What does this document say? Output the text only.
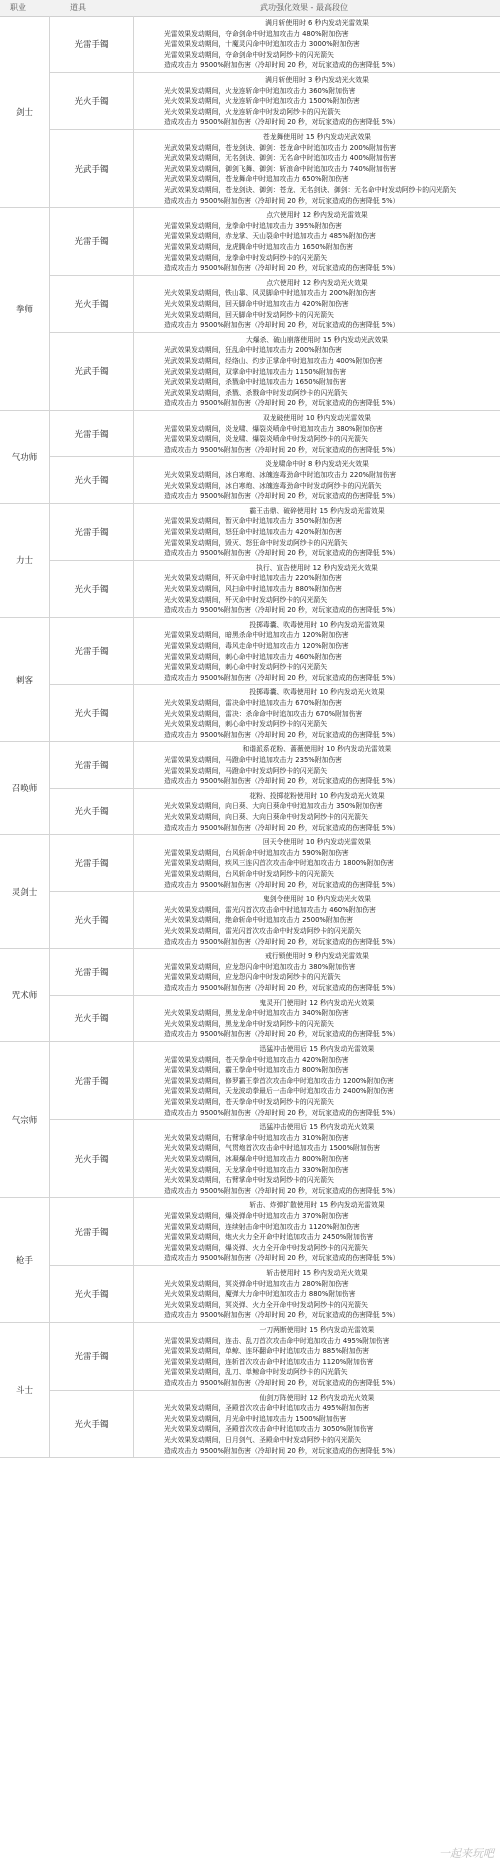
职业	道具	武功强化效果 - 最高段位
光雷手镯
满月斩使用时 6 秒内发动光雷效果
光雷效果发动期间，夺命剑命中时追加攻击力 480%附加伤害
光雷效果发动期间，十魔灵闪命中时追加攻击力 3000%附加伤害
光雷效果发动期间，夺命剑命中时发动阿纱卡的闪光箭矢
造成攻击力 9500%附加伤害（冷却时间 20 秒，对玩家造成的伤害降低 5%）
光火手镯
满月斩使用时 3 秒内发动光火效果
光火效果发动期间，火龙连斩命中时追加攻击力 360%附加伤害
光火效果发动期间，火龙连斩命中时追加攻击力 1500%附加伤害
光火效果发动期间，火龙连斩命中时发动阿纱卡的闪光箭矢
造成攻击力 9500%附加伤害（冷却时间 20 秒，对玩家造成的伤害降低 5%）
光武手镯
苍龙舞使用时 15 秒内发动光武效果
光武效果发动期间，苍龙剑诀、御剑：苍龙命中时追加攻击力 200%附加伤害
光武效果发动期间，无名剑诀、御剑：无名命中时追加攻击力 400%附加伤害
光武效果发动期间，御剑飞舞、御剑：斩浪命中时追加攻击力 740%附加伤害
光武效果发动期间，苍龙舞命中时追加攻击力 650%附加伤害
光武效果发动期间，苍龙剑诀、御剑：苍龙、无名剑诀、御剑：无名命中时发动阿纱卡的闪光箭矢
造成攻击力 9500%附加伤害（冷却时间 20 秒，对玩家造成的伤害降低 5%）
剑士
光雷手镯
点穴使用时 12 秒内发动光雷效果
光雷效果发动期间，龙拳命中时追加攻击力 395%附加伤害
光雷效果发动期间，赤龙掌、天山裂命中时追加攻击力 485%附加伤害
光雷效果发动期间，龙虎腾命中时追加攻击力 1650%附加伤害
光雷效果发动期间，龙拳命中时发动阿纱卡的闪光箭矢
造成攻击力 9500%附加伤害（冷却时间 20 秒，对玩家造成的伤害降低 5%）
光火手镯
点穴使用时 12 秒内发动光火效果
光火效果发动期间，铁山靠、风灵脚命中时追加攻击力 200%附加伤害
光火效果发动期间，回天脚命中时追加攻击力 420%附加伤害
光火效果发动期间，回天脚命中时发动阿纱卡的闪光箭矢
造成攻击力 9500%附加伤害（冷却时间 20 秒，对玩家造成的伤害降低 5%）
光武手镯
大爆杀、破山崩落使用时 15 秒内发动光武效果
光武效果发动期间，狂乱命中时追加攻击力 200%附加伤害
光武效果发动期间，经络山、灼步正掌命中时追加攻击力 400%附加伤害
光武效果发动期间，双掌命中时追加攻击力 1150%附加伤害
光武效果发动期间，杀戮命中时追加攻击力 1650%附加伤害
光武效果发动期间，杀戮、杀戮命中时发动阿纱卡的闪光箭矢
造成攻击力 9500%附加伤害（冷却时间 20 秒，对玩家造成的伤害降低 5%）
拳师
光雷手镯
双龙破使用时 10 秒内发动光雷效果
光雷效果发动期间，炎龙啸、爆裂炎喷命中时追加攻击力 380%附加伤害
光雷效果发动期间，炎龙啸、爆裂炎喷命中时发动阿纱卡的闪光箭矢
造成攻击力 9500%附加伤害（冷却时间 20 秒，对玩家造成的伤害降低 5%）
光火手镯
炎龙啸命中时 8 秒内发动光火效果
光火效果发动期间，冰白寒炮、冰魄连毒劲命中时追加攻击力 220%附加伤害
光火效果发动期间，冰白寒炮、冰魄连毒劲命中时发动阿纱卡的闪光箭矢
造成攻击力 9500%附加伤害（冷却时间 20 秒，对玩家造成的伤害降低 5%）
气功师
光雷手镯
霸王击鼎、破碎使用时 15 秒内发动光雷效果
光雷效果发动期间，暂灭命中时追加攻击力 350%附加伤害
光雷效果发动期间，怒狂命中时追加攻击力 420%附加伤害
光雷效果发动期间，毁灭、怒狂命中时发动阿纱卡的闪光箭矢
造成攻击力 9500%附加伤害（冷却时间 20 秒，对玩家造成的伤害降低 5%）
光火手镯
执行、宣告使用时 12 秒内发动光火效果
光火效果发动期间，歼灭命中时追加攻击力 220%附加伤害
光火效果发动期间，风扫命中时追加攻击力 880%附加伤害
光火效果发动期间，歼灭命中时发动阿纱卡的闪光箭矢
造成攻击力 9500%附加伤害（冷却时间 20 秒，对玩家造成的伤害降低 5%）
力士
光雷手镯
投掷毒囊、吹毒使用时 10 秒内发动光雷效果
光雷效果发动期间，暗黑杀命中时追加攻击力 120%附加伤害
光雷效果发动期间，毒风走命中时追加攻击力 120%附加伤害
光雷效果发动期间，刺心命中时追加攻击力 460%附加伤害
光雷效果发动期间，刺心命中时发动阿纱卡的闪光箭矢
造成攻击力 9500%附加伤害（冷却时间 20 秒，对玩家造成的伤害降低 5%）
光火手镯
投掷毒囊、吹毒使用时 10 秒内发动光火效果
光火效果发动期间，雷决命中时追加攻击力 670%附加伤害
光火效果发动期间，雷决：杀命命中时追加攻击力 670%附加伤害
光火效果发动期间，刺心命中时发动阿纱卡的闪光箭矢
造成攻击力 9500%附加伤害（冷却时间 20 秒，对玩家造成的伤害降低 5%）
刺客
光雷手镯
和谐派系花粉、蔷薇使用时 10 秒内发动光雷效果
光雷效果发动期间，马蹬命中时追加攻击力 235%附加伤害
光雷效果发动期间，马蹬命中时发动阿纱卡的闪光箭矢
造成攻击力 9500%附加伤害（冷却时间 20 秒，对玩家造成的伤害降低 5%）
光火手镯
花粉、投掷花粉使用时 10 秒内发动光火效果
光火效果发动期间，向日葵、大向日葵命中时追加攻击力 350%附加伤害
光火效果发动期间，向日葵、大向日葵命中时发动阿纱卡的闪光箭矢
造成攻击力 9500%附加伤害（冷却时间 20 秒，对玩家造成的伤害降低 5%）
召唤师
光雷手镯
回天令使用时 10 秒内发动光雷效果
光雷效果发动期间，台风斩命中时追加攻击力 590%附加伤害
光雷效果发动期间，疾风三连闪首次攻击命中时追加攻击力 1800%附加伤害
光雷效果发动期间，台风斩命中时发动阿纱卡的闪光箭矢
造成攻击力 9500%附加伤害（冷却时间 20 秒，对玩家造成的伤害降低 5%）
光火手镯
鬼剑令使用时 10 秒内发动光火效果
光火效果发动期间，雷光闪首次攻击命中时追加攻击力 460%附加伤害
光火效果发动期间，绝命斩命中时追加攻击力 2500%附加伤害
光火效果发动期间，雷光闪首次攻击命中时发动阿纱卡的闪光箭矢
造成攻击力 9500%附加伤害（冷却时间 20 秒，对玩家造成的伤害降低 5%）
灵剑士
光雷手镯
戒行锁使用时 9 秒内发动光雷效果
光雷效果发动期间，应龙怨闪命中时追加攻击力 380%附加伤害
光雷效果发动期间，应龙怨闪命中时发动阿纱卡的闪光箭矢
造成攻击力 9500%附加伤害（冷却时间 20 秒，对玩家造成的伤害降低 5%）
光火手镯
鬼灵开门使用时 12 秒内发动光火效果
光火效果发动期间，黑龙龙命中时追加攻击力 340%附加伤害
光火效果发动期间，黑龙龙命中时发动阿纱卡的闪光箭矢
造成攻击力 9500%附加伤害（冷却时间 20 秒，对玩家造成的伤害降低 5%）
咒术师
光雷手镯
迅猛冲击使用后 15 秒内发动光雷效果
光雷效果发动期间，苍天拳命中时追加攻击力 420%附加伤害
光雷效果发动期间，霸王拳命中时追加攻击力 800%附加伤害
光雷效果发动期间，修罗霸王拳首次攻击命中时追加攻击力 1200%附加伤害
光雷效果发动期间，天龙波动拳最后一击命中时追加攻击力 2400%附加伤害
光雷效果发动期间，苍天拳命中时发动阿纱卡的闪光箭矢
造成攻击力 9500%附加伤害（冷却时间 20 秒，对玩家造成的伤害降低 5%）
光火手镯
迅猛冲击使用后 15 秒内发动光火效果
光火效果发动期间，右臂掌命中时追加攻击力 310%附加伤害
光火效果发动期间，气贯炮首次攻击命中时追加攻击力 1500%附加伤害
光火效果发动期间，冰凝爆命中时追加攻击力 800%附加伤害
光火效果发动期间，天龙掌命中时追加攻击力 330%附加伤害
光火效果发动期间，右臂掌命中时发动阿纱卡的闪光箭矢
造成攻击力 9500%附加伤害（冷却时间 20 秒，对玩家造成的伤害降低 5%）
气宗师
光雷手镯
斩击、炸弹扩散使用时 15 秒内发动光雷效果
光雷效果发动期间，爆炎弹命中时追加攻击力 370%附加伤害
光雷效果发动期间，连续射击命中时追加攻击力 1120%附加伤害
光雷效果发动期间，炮火火力全开命中时追加攻击力 2450%附加伤害
光雷效果发动期间，爆炎弹、火力全开命中时发动阿纱卡的闪光箭矢
造成攻击力 9500%附加伤害（冷却时间 20 秒，对玩家造成的伤害降低 5%）
光火手镯
斩击使用时 15 秒内发动光火效果
光火效果发动期间，冥炎弹命中时追加攻击力 280%附加伤害
光火效果发动期间，魔弹大力命中时追加攻击力 880%附加伤害
光火效果发动期间，冥炎弹、火力全开命中时发动阿纱卡的闪光箭矢
造成攻击力 9500%附加伤害（冷却时间 20 秒，对玩家造成的伤害降低 5%）
枪手
光雷手镯
一刀两断使用时 15 秒内发动光雷效果
光雷效果发动期间，连击、乱刀首次攻击命中时追加攻击力 495%附加伤害
光雷效果发动期间，单鲸、连环翻命中时追加攻击力 885%附加伤害
光雷效果发动期间，连斩首次攻击命中时追加攻击力 1120%附加伤害
光雷效果发动期间，乱刀、单鲸命中时发动阿纱卡的闪光箭矢
造成攻击力 9500%附加伤害（冷却时间 20 秒，对玩家造成的伤害降低 5%）
光火手镯
仙剑万阵使用时 12 秒内发动光火效果
光火效果发动期间，圣殿首次攻击命中时追加攻击力 495%附加伤害
光火效果发动期间，月光命中时追加攻击力 1500%附加伤害
光火效果发动期间，圣殿首次攻击命中时追加攻击力 3050%附加伤害
光火效果发动期间，日月剑气、圣殿命中时发动阿纱卡的闪光箭矢
造成攻击力 9500%附加伤害（冷却时间 20 秒，对玩家造成的伤害降低 5%）
斗士
一起来玩吧
